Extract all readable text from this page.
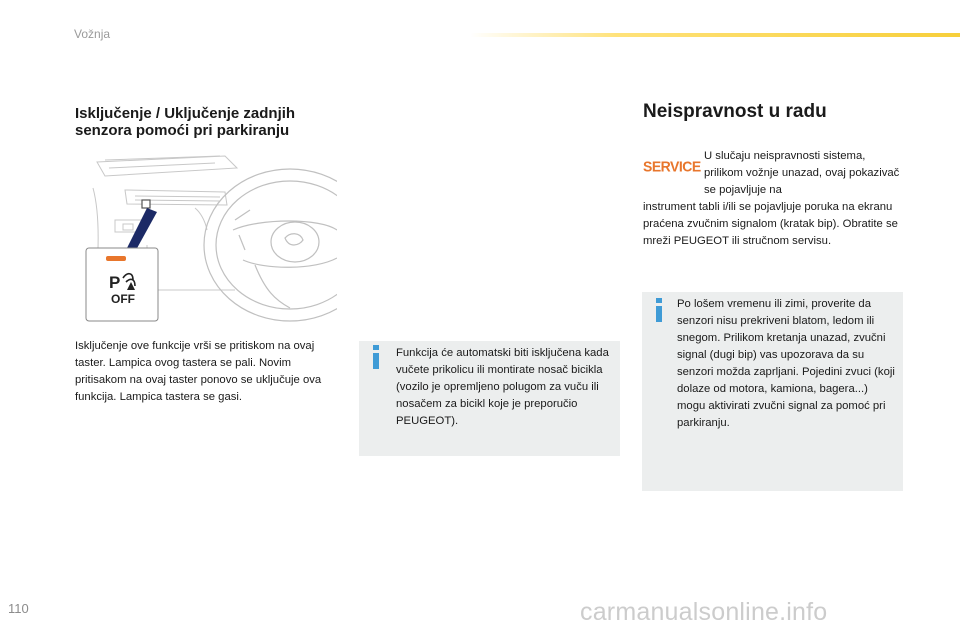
Vožnja
Isključenje / Uključenje zadnjih
senzora pomoći pri parkiranju
P
OFF
Isključenje ove funkcije vrši se pritiskom na ovaj taster. Lampica ovog tastera se pali. Novim pritisakom na ovaj taster ponovo se uključuje ova funkcija. Lampica tastera se gasi.
Funkcija će automatski biti isključena kada vučete prikolicu ili montirate nosač bicikla (vozilo je opremljeno polugom za vuču ili nosačem za bicikl koje je preporučio PEUGEOT).
Neispravnost u radu
SERVICE
U slučaju neispravnosti sistema, prilikom vožnje unazad, ovaj pokazivač se pojavljuje na
instrument tabli i/ili se pojavljuje poruka na ekranu praćena zvučnim signalom (kratak bip). Obratite se mreži PEUGEOT ili stručnom servisu.
Po lošem vremenu ili zimi, proverite da senzori nisu prekriveni blatom, ledom ili snegom. Prilikom kretanja unazad, zvučni signal (dugi bip) vas upozorava da su senzori možda zaprljani. Pojedini zvuci (koji dolaze od motora, kamiona, bagera...) mogu aktivirati zvučni signal za pomoć pri parkiranju.
110	carmanualsonline.info
